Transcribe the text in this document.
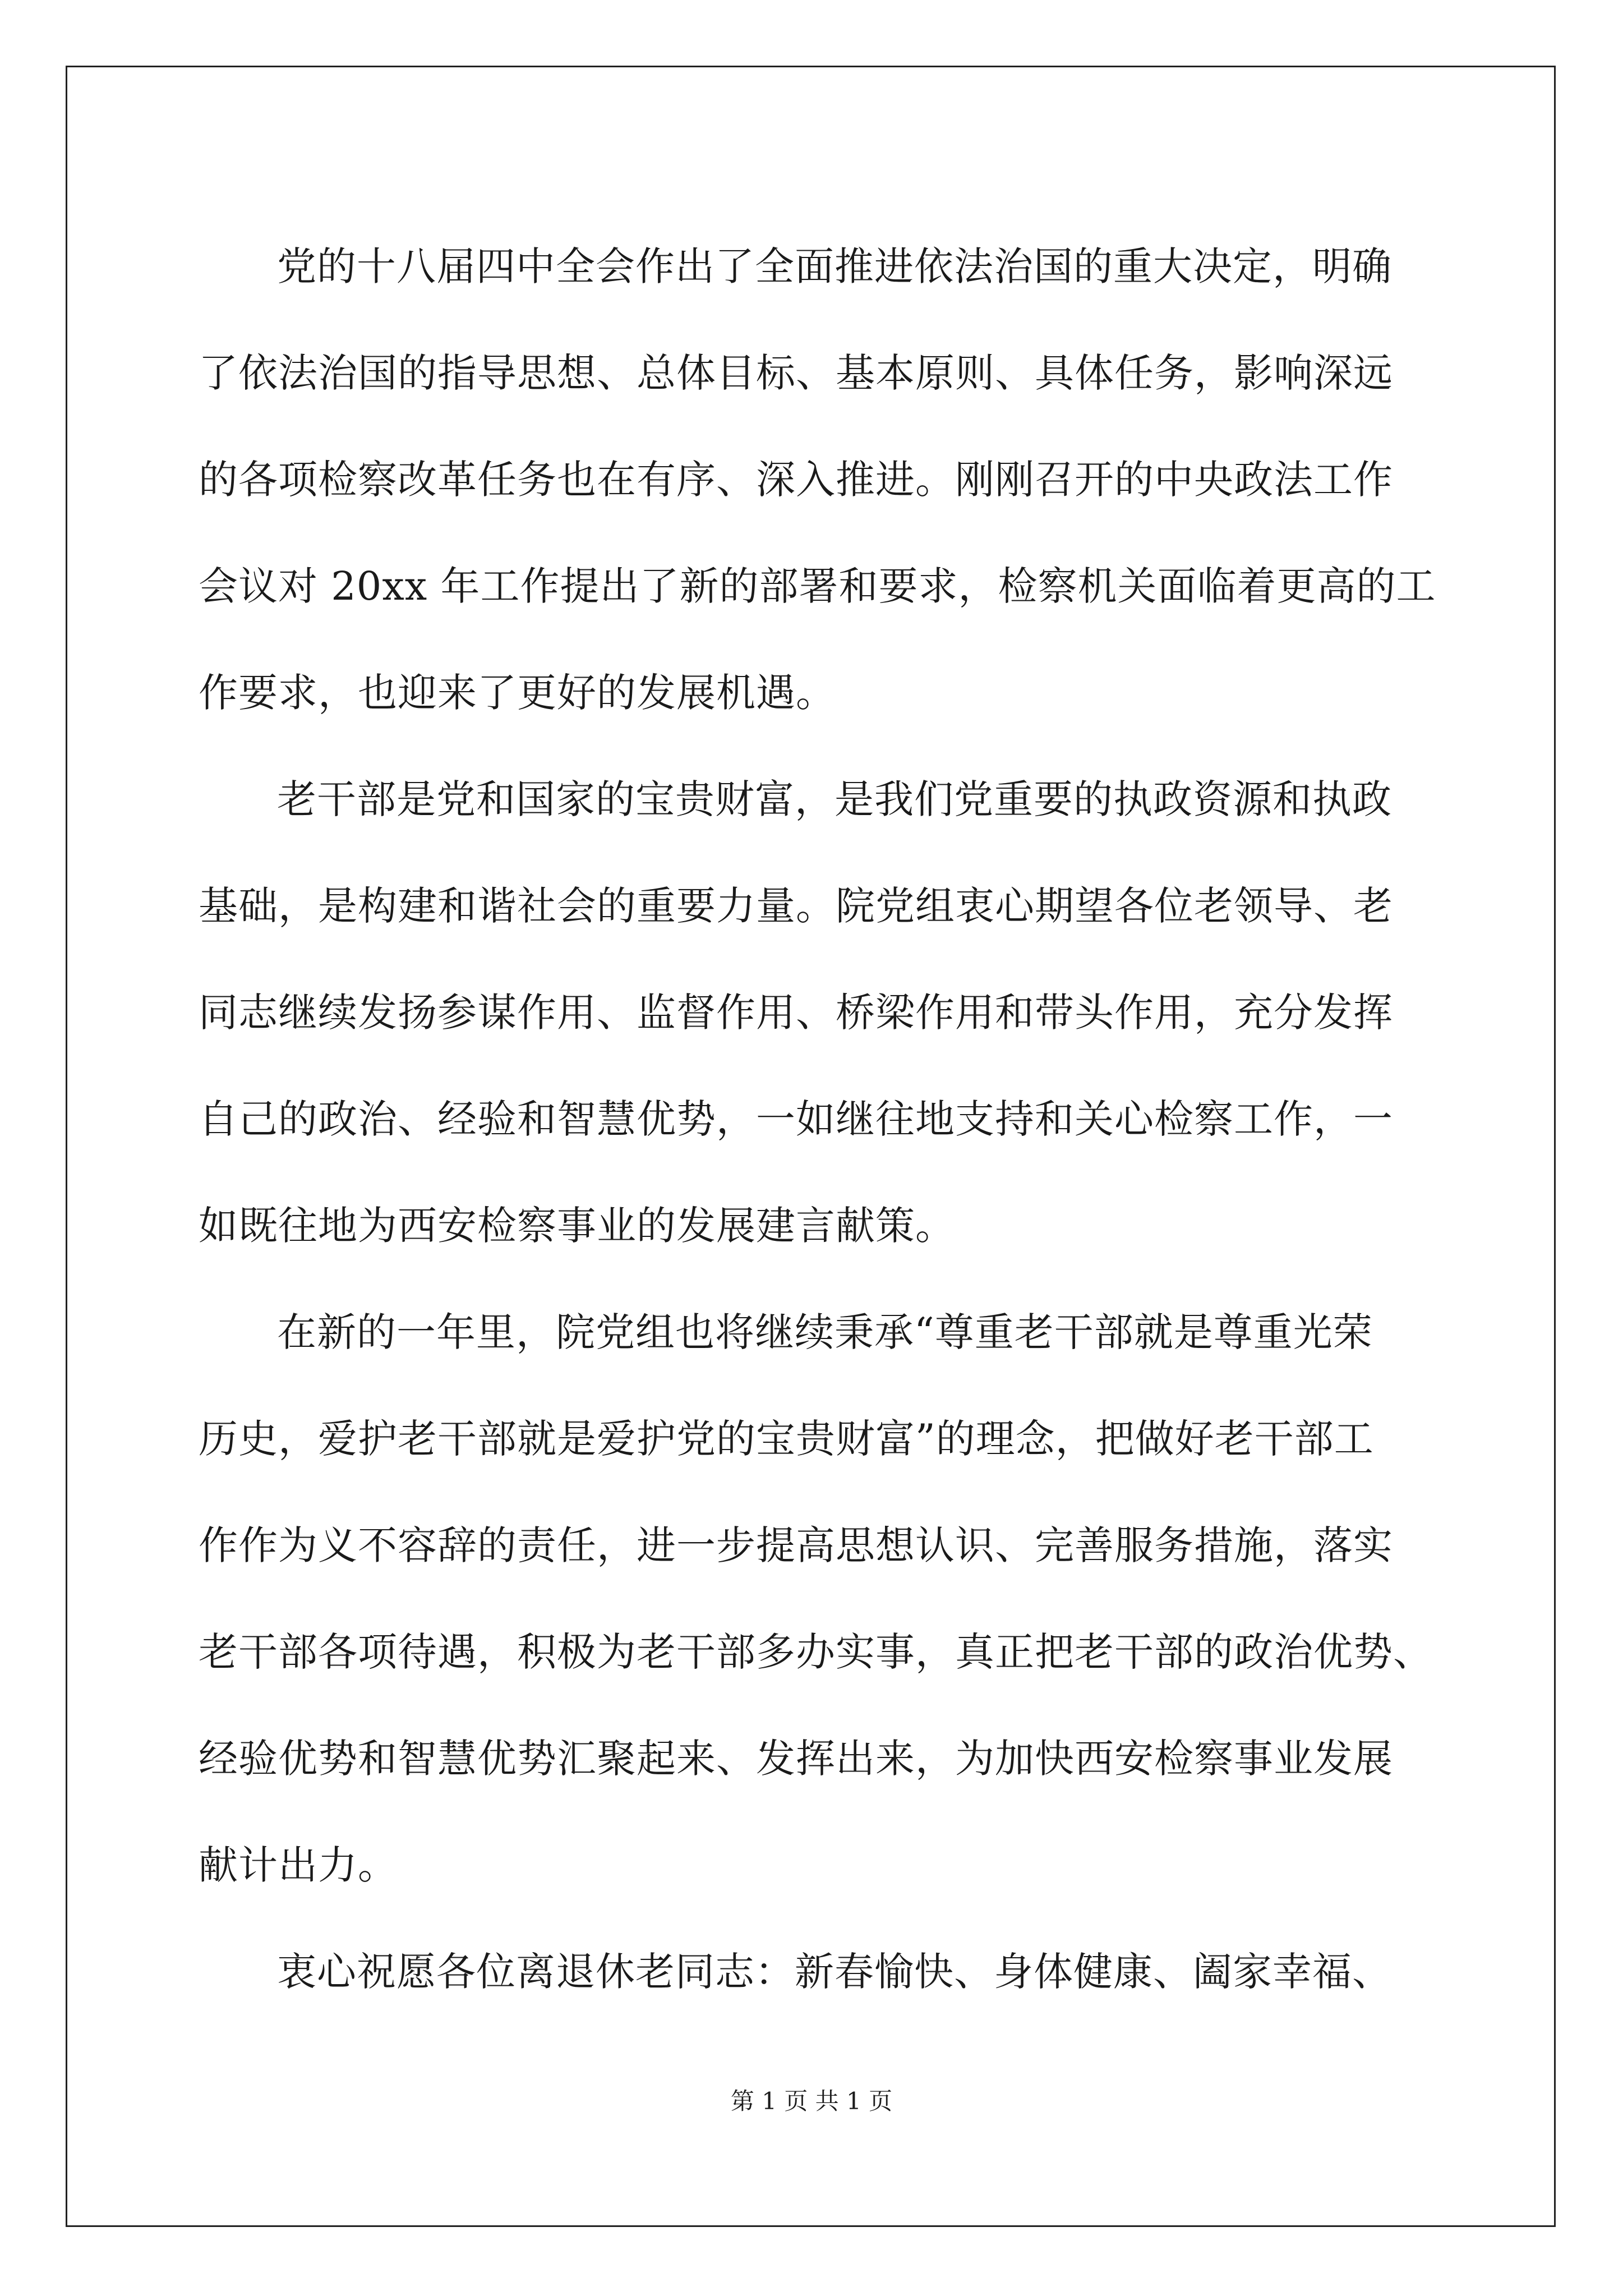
党的十八届四中全会作出了全面推进依法治国的重大决定，明确
了依法治国的指导思想、总体目标、基本原则、具体任务，影响深远
的各项检察改革任务也在有序、深入推进。刚刚召开的中央政法工作
会议对 20xx 年工作提出了新的部署和要求，检察机关面临着更高的工
作要求，也迎来了更好的发展机遇。
老干部是党和国家的宝贵财富，是我们党重要的执政资源和执政
基础，是构建和谐社会的重要力量。院党组衷心期望各位老领导、老
同志继续发扬参谋作用、监督作用、桥梁作用和带头作用，充分发挥
自己的政治、经验和智慧优势，一如继往地支持和关心检察工作，一
如既往地为西安检察事业的发展建言献策。
在新的一年里，院党组也将继续秉承“尊重老干部就是尊重光荣
历史，爱护老干部就是爱护党的宝贵财富”的理念，把做好老干部工
作作为义不容辞的责任，进一步提高思想认识、完善服务措施，落实
老干部各项待遇，积极为老干部多办实事，真正把老干部的政治优势、
经验优势和智慧优势汇聚起来、发挥出来，为加快西安检察事业发展
献计出力。
衷心祝愿各位离退休老同志：新春愉快、身体健康、阖家幸福、
第 1 页 共 1 页
